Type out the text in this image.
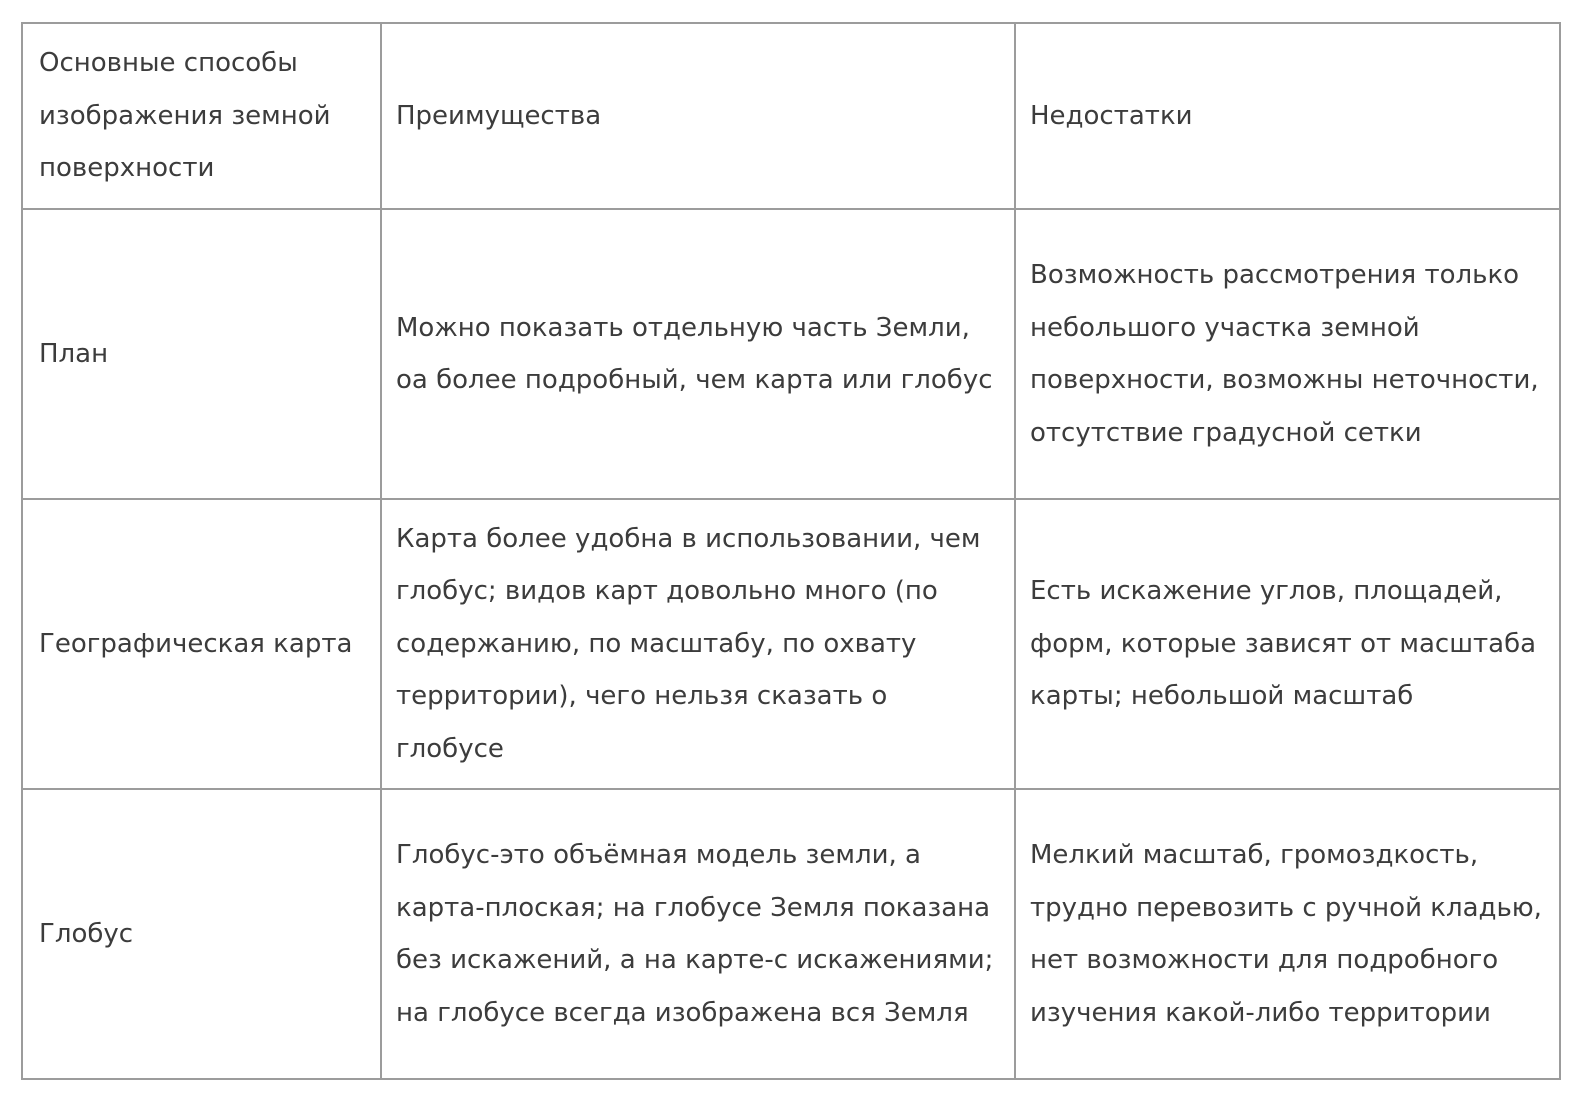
Основные способы изображения земной поверхности	Преимущества	Недостатки

План	Можно показать отдельную часть Земли, оа более подробный, чем карта или глобус	Возможность рассмотрения только небольшого участка земной поверхности, возможны неточности, отсутствие градусной сетки

Географическая карта	Карта более удобна в использовании, чем глобус; видов карт довольно много (по содержанию, по масштабу, по охвату территории), чего нельзя сказать о глобусе	Есть искажение углов, площадей, форм, которые зависят от масштаба карты; небольшой масштаб

Глобус	Глобус-это объёмная модель земли, а карта-плоская; на глобусе Земля показана без искажений, а на карте-с искажениями; на глобусе всегда изображена вся Земля	Мелкий масштаб, громоздкость, трудно перевозить с ручной кладью, нет возможности для подробного изучения какой-либо территории
